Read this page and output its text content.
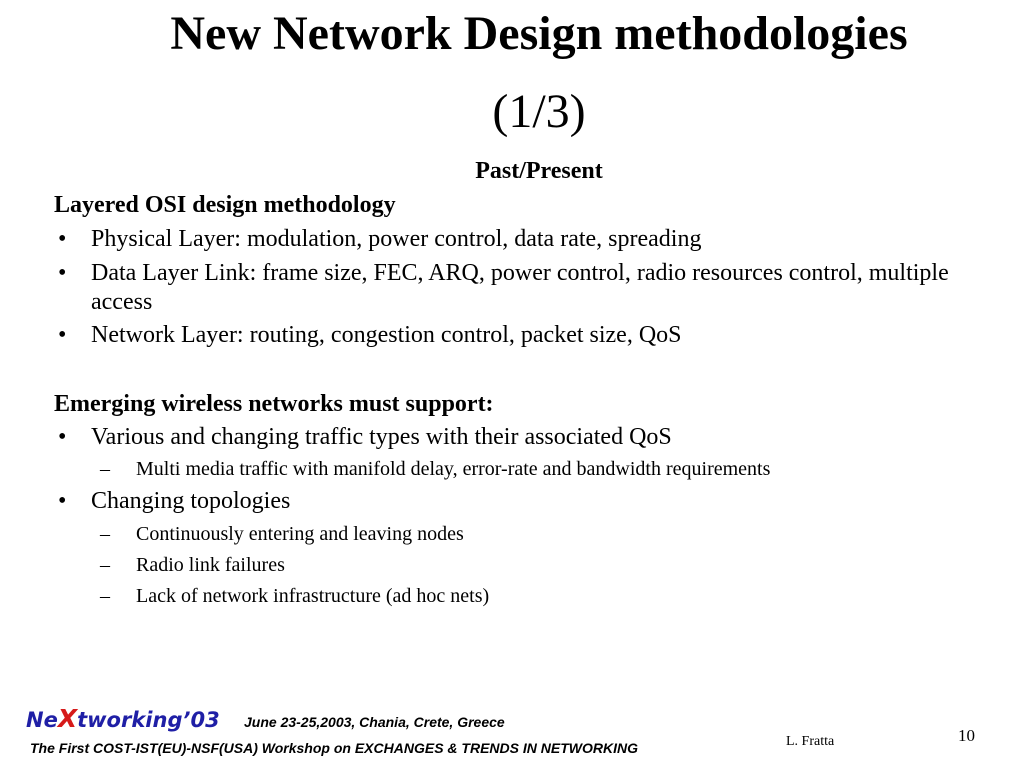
New Network Design methodologies
(1/3)
Past/Present
Layered OSI design methodology
• Physical Layer: modulation, power control, data rate, spreading
• Data Layer Link: frame size, FEC, ARQ, power control, radio resources control, multiple access
• Network Layer: routing, congestion control, packet size, QoS
Emerging wireless networks must support:
• Various and changing traffic types with their associated QoS
– Multi media traffic with manifold delay, error-rate and bandwidth requirements
• Changing topologies
– Continuously entering and leaving nodes
– Radio link failures
– Lack of network infrastructure (ad hoc nets)
NeXtworking’03 June 23-25,2003, Chania, Crete, Greece
The First COST-IST(EU)-NSF(USA) Workshop on EXCHANGES & TRENDS IN NETWORKING	L. Fratta	10
